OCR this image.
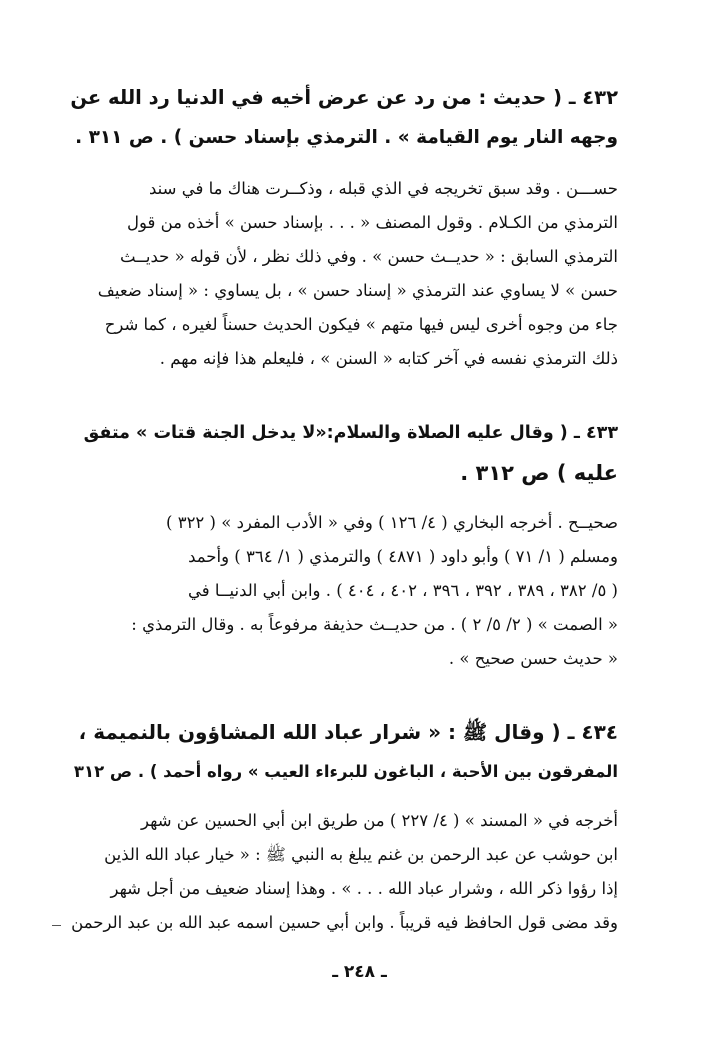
٤٣٢ ـ ( حديث : من رد عن عرض أخيه في الدنيا رد الله عن
وجهه النار يوم القيامة » . الترمذي بإسناد حسن ) . ص ٣١١ .

حســـن . وقد سبق تخريجه في الذي قبله ، وذكــرت هناك ما في سند
الترمذي من الكـلام . وقول المصنف « . . . بإسناد حسن » أخذه من قول
الترمذي السابق : « حديــث حسن » . وفي ذلك نظر ، لأن قوله « حديــث
حسن » لا يساوي عند الترمذي « إسناد حسن » ، بل يساوي : « إسناد ضعيف
جاء من وجوه أخرى ليس فيها متهم » فيكون الحديث حسناً لغيره ، كما شرح
ذلك الترمذي نفسه في آخر كتابه « السنن » ، فليعلم هذا فإنه مهم .

٤٣٣ ـ ( وقال عليه الصلاة والسلام:«لا يدخل الجنة قتات » متفق
عليه ) ص ٣١٢ .

صحيــح . أخرجه البخاري ( ٤/ ١٢٦ ) وفي « الأدب المفرد » ( ٣٢٢ )
ومسلم ( ١/ ٧١ ) وأبو داود ( ٤٨٧١ ) والترمذي ( ١/ ٣٦٤ ) وأحمد
( ٥/ ٣٨٢ ، ٣٨٩ ، ٣٩٢ ، ٣٩٦ ، ٤٠٢ ، ٤٠٤ ) . وابن أبي الدنيــا في
« الصمت » ( ٢/ ٥/ ٢ ) . من حديــث حذيفة مرفوعاً به . وقال الترمذي :
« حديث حسن صحيح » .

٤٣٤ ـ ( وقال ﷺ : « شرار عباد الله المشاؤون بالنميمة ،
المفرقون بين الأحبة ، الباغون للبرءاء العيب » رواه أحمد ) . ص ٣١٢

أخرجه في « المسند » ( ٤/ ٢٢٧ ) من طريق ابن أبي الحسين عن شهر
ابن حوشب عن عبد الرحمن بن غنم يبلغ به النبي ﷺ : « خيار عباد الله الذين
إذا رؤوا ذكر الله ، وشرار عباد الله . . . » . وهذا إسناد ضعيف من أجل شهر
وقد مضى قول الحافظ فيه قريباً . وابن أبي حسين اسمه عبد الله بن عبد الرحمن

ـ ٢٤٨ ـ
